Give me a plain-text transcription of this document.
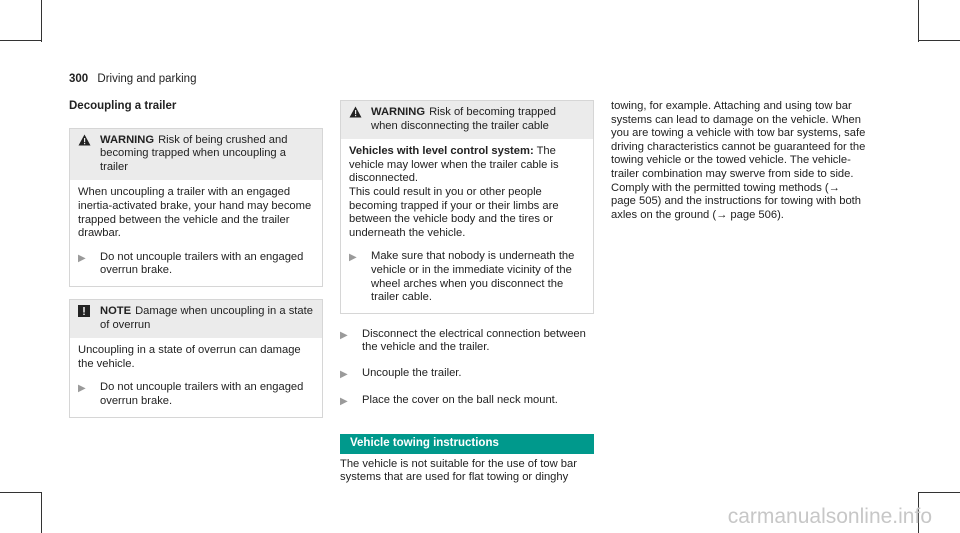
300 Driving and parking
Decoupling a trailer
WARNING Risk of being crushed and becoming trapped when uncoupling a trailer

When uncoupling a trailer with an engaged inertia-activated brake, your hand may become trapped between the vehicle and the trailer drawbar.

▶	Do not uncouple trailers with an engaged overrun brake.
NOTE Damage when uncoupling in a state of overrun

Uncoupling in a state of overrun can damage the vehicle.

▶	Do not uncouple trailers with an engaged overrun brake.
WARNING Risk of becoming trapped when disconnecting the trailer cable

Vehicles with level control system: The vehicle may lower when the trailer cable is disconnected.

This could result in you or other people becoming trapped if your or their limbs are between the vehicle body and the tires or underneath the vehicle.

▶	Make sure that nobody is underneath the vehicle or in the immediate vicinity of the wheel arches when you disconnect the trailer cable.
▶	Disconnect the electrical connection between the vehicle and the trailer.
▶	Uncouple the trailer.
▶	Place the cover on the ball neck mount.
Vehicle towing instructions

The vehicle is not suitable for the use of tow bar systems that are used for flat towing or dinghy

towing, for example. Attaching and using tow bar systems can lead to damage on the vehicle. When you are towing a vehicle with tow bar systems, safe driving characteristics cannot be guaranteed for the towing vehicle or the towed vehicle. The vehicle-trailer combination may swerve from side to side. Comply with the permitted towing methods (→ page 505) and the instructions for towing with both axles on the ground (→ page 506).

carmanualsonline.info
